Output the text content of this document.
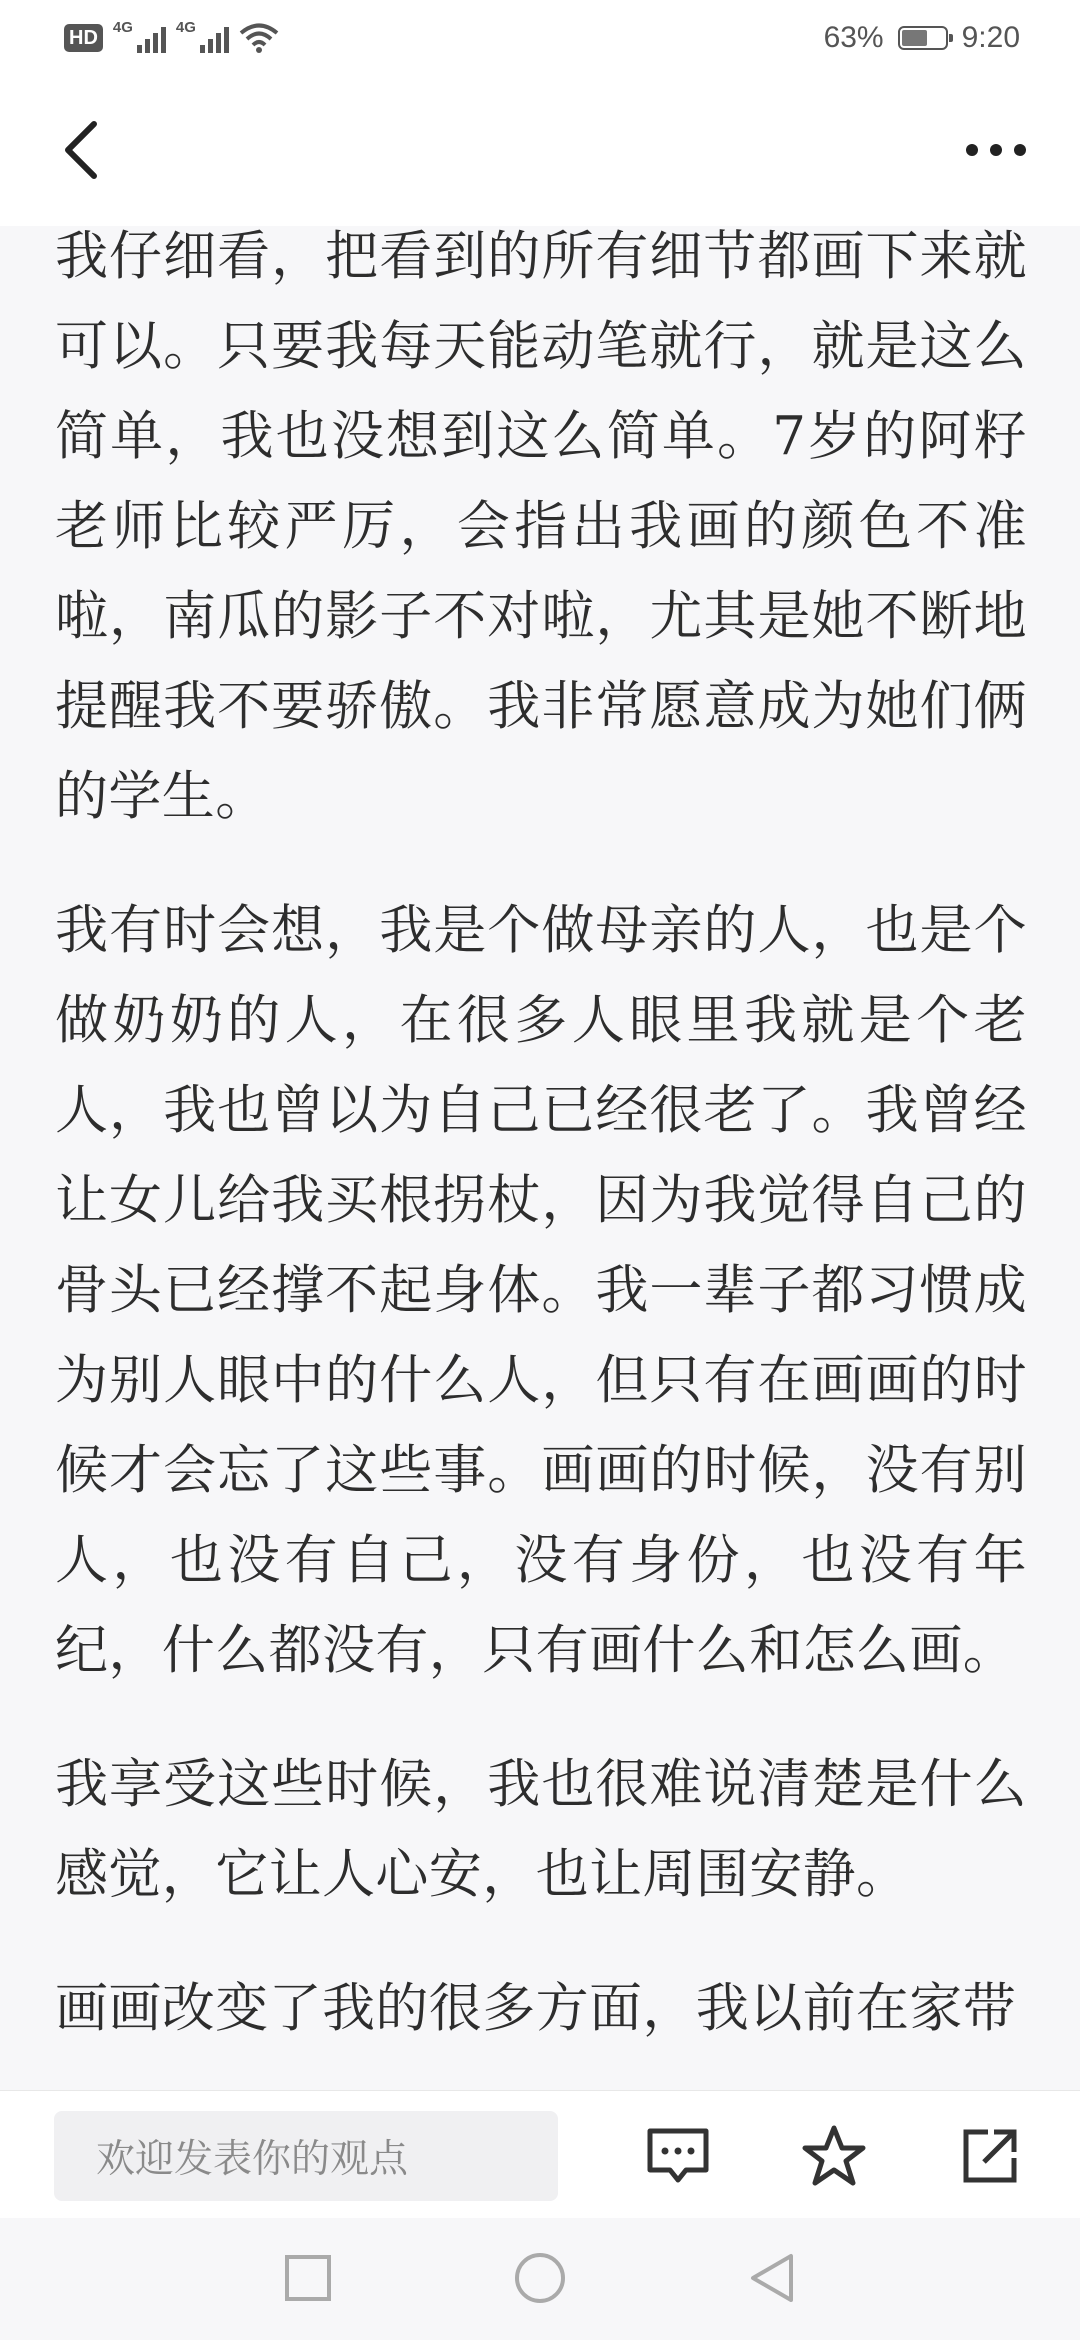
HD	4G	4G	63%	9:20

我仔细看，把看到的所有细节都画下来就可以。只要我每天能动笔就行，就是这么简单，我也没想到这么简单。7岁的阿籽老师比较严厉，会指出我画的颜色不准啦，南瓜的影子不对啦，尤其是她不断地提醒我不要骄傲。我非常愿意成为她们俩的学生。

我有时会想，我是个做母亲的人，也是个做奶奶的人，在很多人眼里我就是个老人，我也曾以为自己已经很老了。我曾经让女儿给我买根拐杖，因为我觉得自己的骨头已经撑不起身体。我一辈子都习惯成为别人眼中的什么人，但只有在画画的时候才会忘了这些事。画画的时候，没有别人，也没有自己，没有身份，也没有年纪，什么都没有，只有画什么和怎么画。

我享受这些时候，我也很难说清楚是什么感觉，它让人心安，也让周围安静。

画画改变了我的很多方面，我以前在家带

欢迎发表你的观点
